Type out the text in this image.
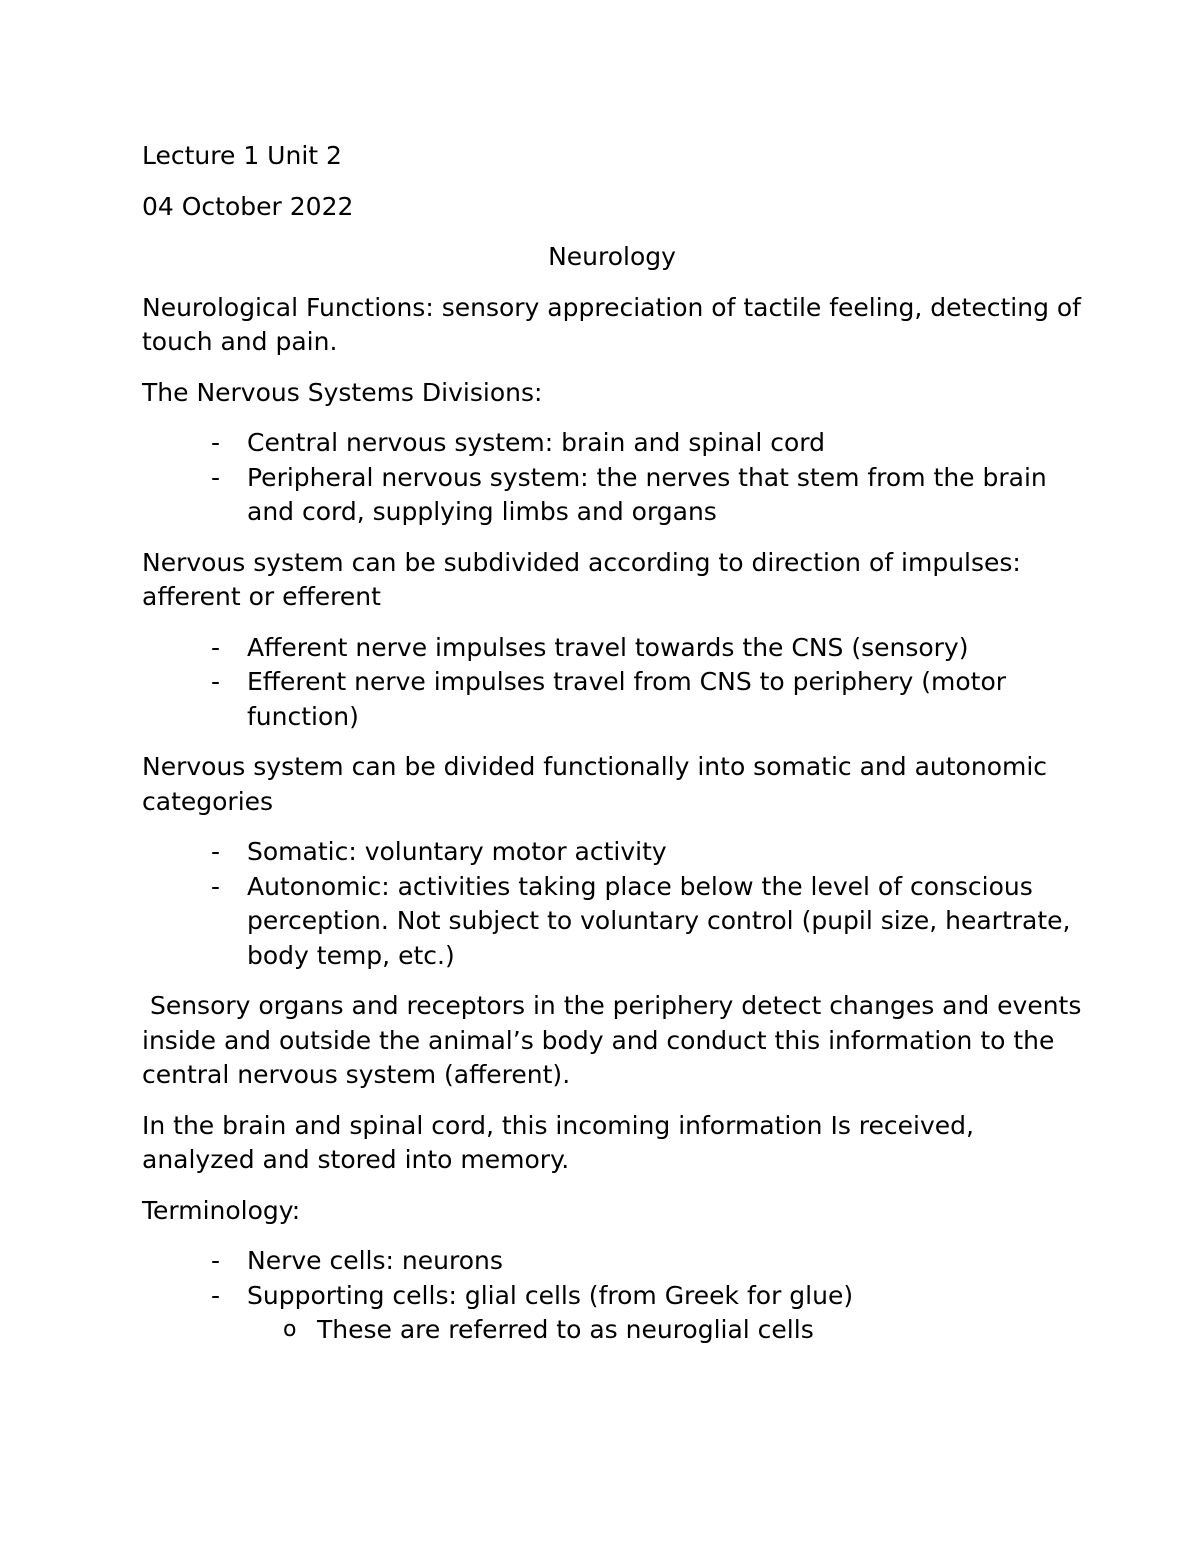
Lecture 1 Unit 2

04 October 2022

Neurology

Neurological Functions: sensory appreciation of tactile feeling, detecting of touch and pain.

The Nervous Systems Divisions:

- Central nervous system: brain and spinal cord
- Peripheral nervous system: the nerves that stem from the brain and cord, supplying limbs and organs

Nervous system can be subdivided according to direction of impulses: afferent or efferent

- Afferent nerve impulses travel towards the CNS (sensory)
- Efferent nerve impulses travel from CNS to periphery (motor function)

Nervous system can be divided functionally into somatic and autonomic categories

- Somatic: voluntary motor activity
- Autonomic: activities taking place below the level of conscious perception. Not subject to voluntary control (pupil size, heartrate, body temp, etc.)

Sensory organs and receptors in the periphery detect changes and events inside and outside the animal’s body and conduct this information to the central nervous system (afferent).

In the brain and spinal cord, this incoming information Is received, analyzed and stored into memory.

Terminology:

- Nerve cells: neurons
- Supporting cells: glial cells (from Greek for glue)
o These are referred to as neuroglial cells
